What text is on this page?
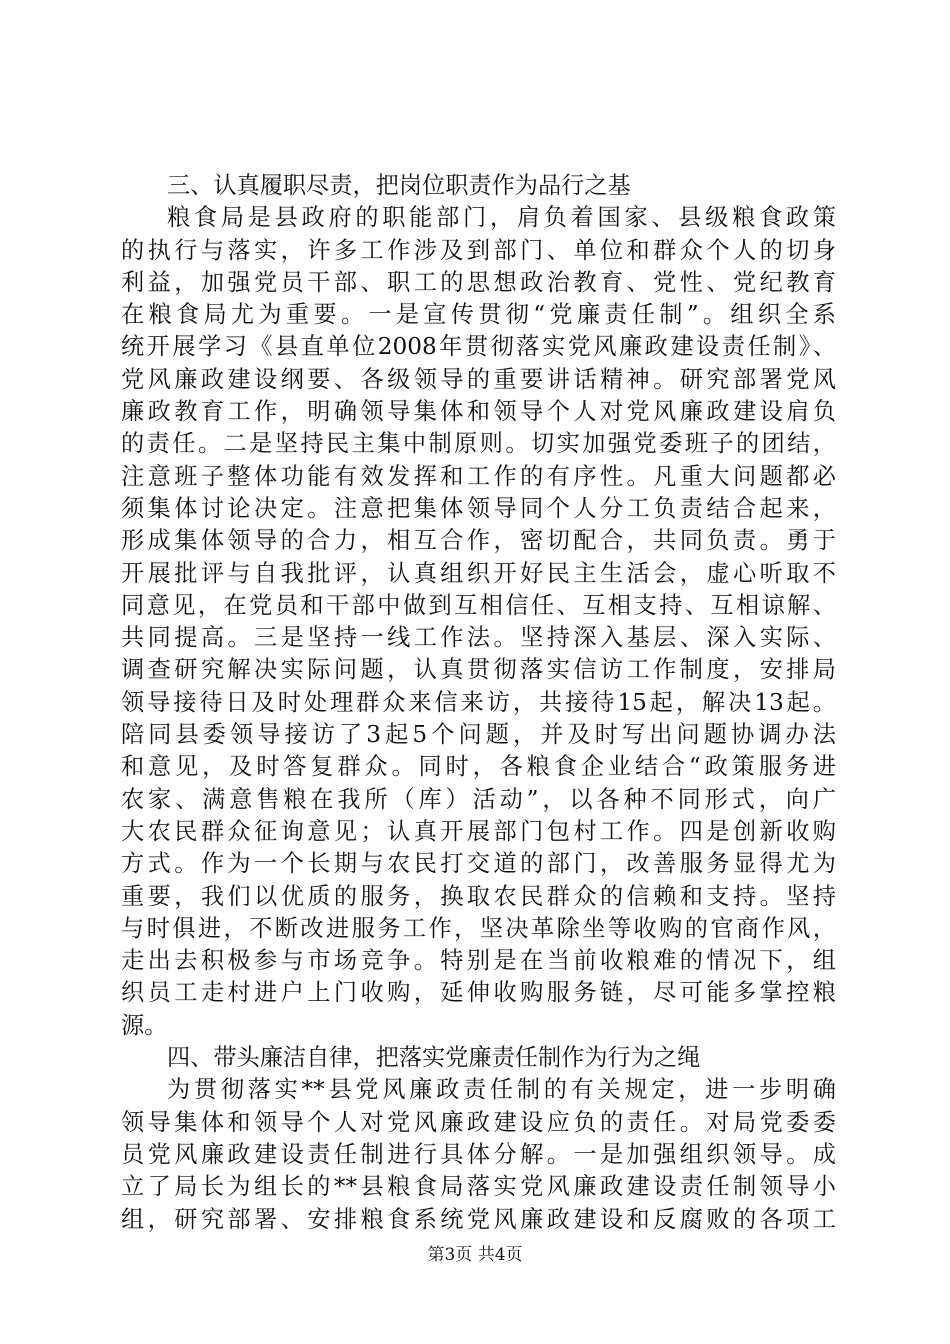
三、认真履职尽责，把岗位职责作为品行之基
粮食局是县政府的职能部门，肩负着国家、县级粮食政策
的执行与落实，许多工作涉及到部门、单位和群众个人的切身
利益，加强党员干部、职工的思想政治教育、党性、党纪教育
在粮食局尤为重要。一是宣传贯彻“党廉责任制”。组织全系
统开展学习《县直单位2008年贯彻落实党风廉政建设责任制》、
党风廉政建设纲要、各级领导的重要讲话精神。研究部署党风
廉政教育工作，明确领导集体和领导个人对党风廉政建设肩负
的责任。二是坚持民主集中制原则。切实加强党委班子的团结，
注意班子整体功能有效发挥和工作的有序性。凡重大问题都必
须集体讨论决定。注意把集体领导同个人分工负责结合起来，
形成集体领导的合力，相互合作，密切配合，共同负责。勇于
开展批评与自我批评，认真组织开好民主生活会，虚心听取不
同意见，在党员和干部中做到互相信任、互相支持、互相谅解、
共同提高。三是坚持一线工作法。坚持深入基层、深入实际、
调查研究解决实际问题，认真贯彻落实信访工作制度，安排局
领导接待日及时处理群众来信来访，共接待15起，解决13起。
陪同县委领导接访了3起5个问题，并及时写出问题协调办法
和意见，及时答复群众。同时，各粮食企业结合“政策服务进
农家、满意售粮在我所（库）活动”，以各种不同形式，向广
大农民群众征询意见；认真开展部门包村工作。四是创新收购
方式。作为一个长期与农民打交道的部门，改善服务显得尤为
重要，我们以优质的服务，换取农民群众的信赖和支持。坚持
与时俱进，不断改进服务工作，坚决革除坐等收购的官商作风，
走出去积极参与市场竞争。特别是在当前收粮难的情况下，组
织员工走村进户上门收购，延伸收购服务链，尽可能多掌控粮
源。
四、带头廉洁自律，把落实党廉责任制作为行为之绳
为贯彻落实**县党风廉政责任制的有关规定，进一步明确
领导集体和领导个人对党风廉政建设应负的责任。对局党委委
员党风廉政建设责任制进行具体分解。一是加强组织领导。成
立了局长为组长的**县粮食局落实党风廉政建设责任制领导小
组，研究部署、安排粮食系统党风廉政建设和反腐败的各项工
第3页 共4页
